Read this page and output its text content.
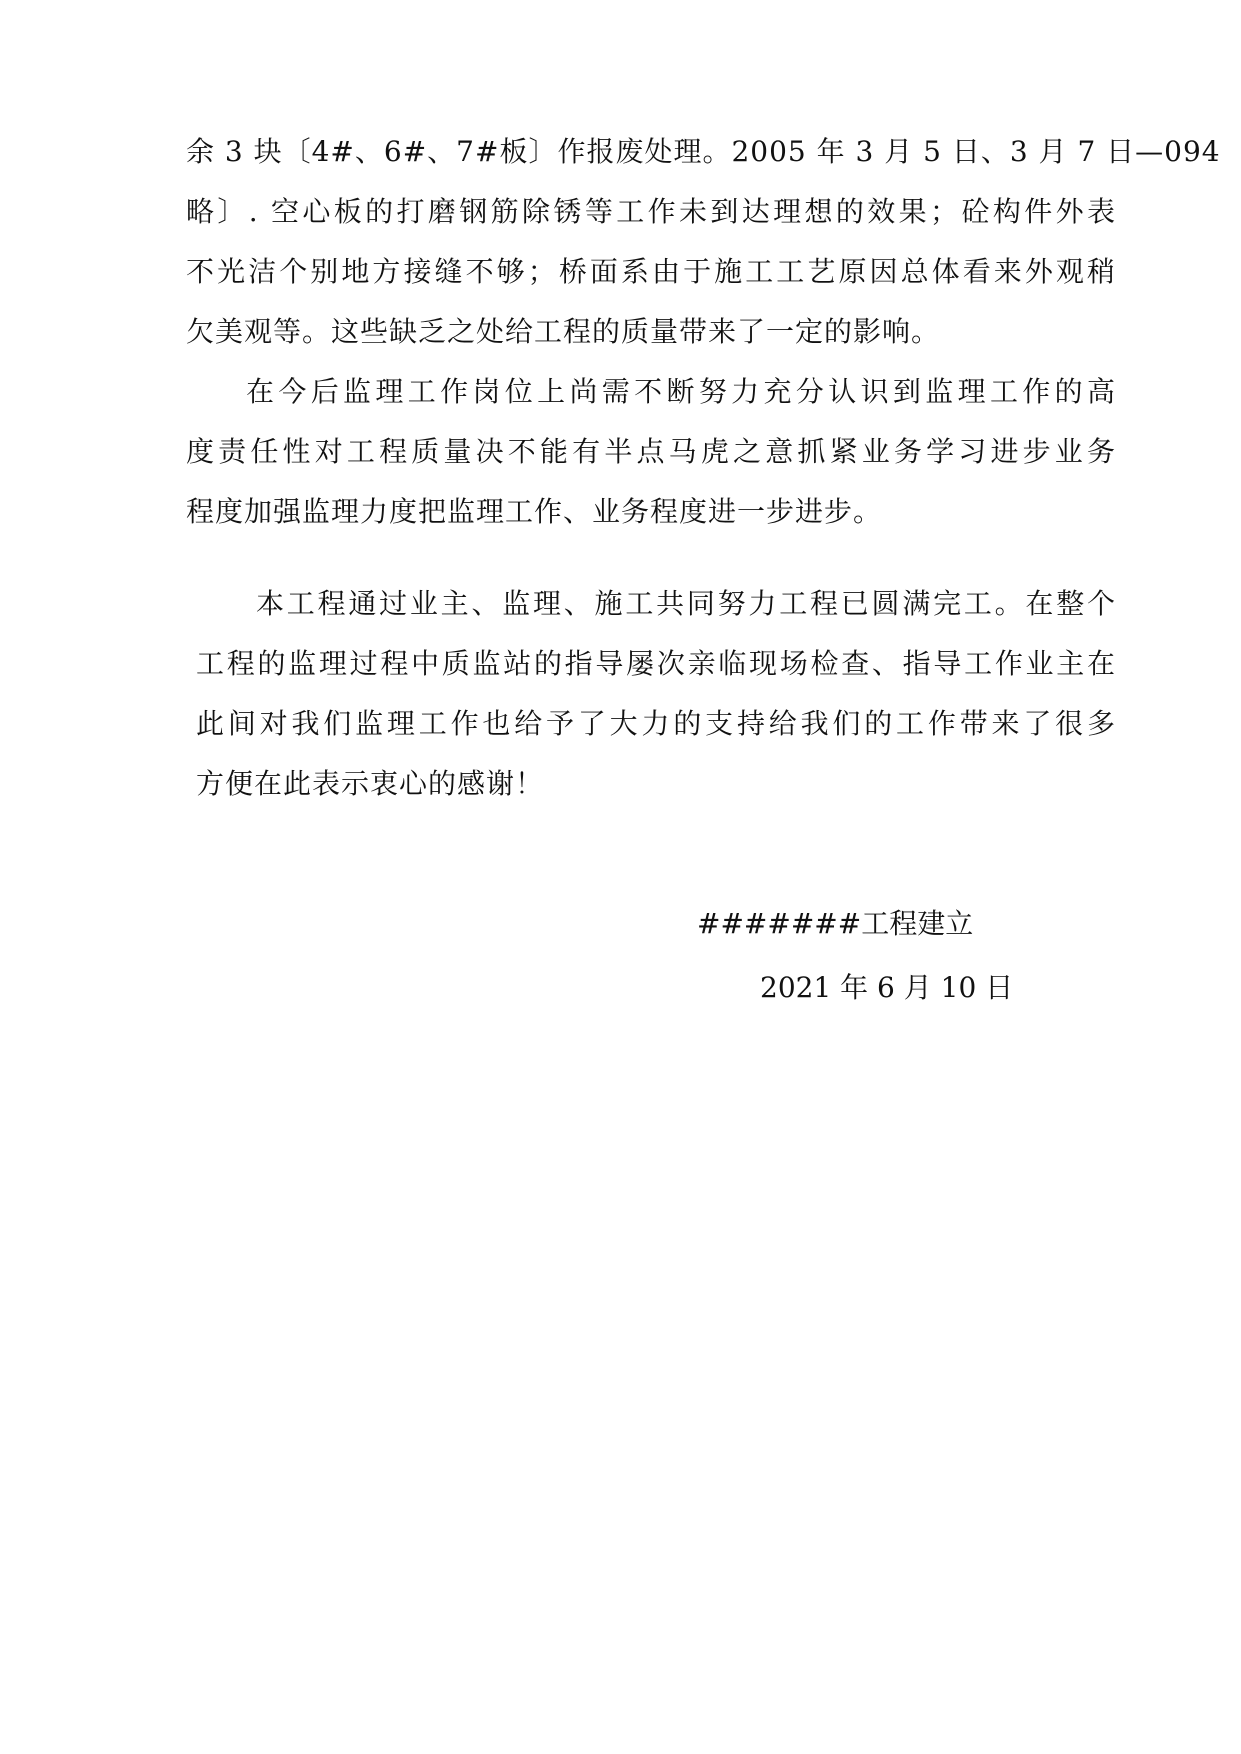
余 3 块〔4#、6#、7#板〕作报废处理。2005 年 3 月 5 日、3 月 7 日—094
略〕. 空心板的打磨钢筋除锈等工作未到达理想的效果；砼构件外表
不光洁个别地方接缝不够；桥面系由于施工工艺原因总体看来外观稍
欠美观等。这些缺乏之处给工程的质量带来了一定的影响。
在今后监理工作岗位上尚需不断努力充分认识到监理工作的高
度责任性对工程质量决不能有半点马虎之意抓紧业务学习进步业务
程度加强监理力度把监理工作、业务程度进一步进步。
本工程通过业主、监理、施工共同努力工程已圆满完工。在整个
工程的监理过程中质监站的指导屡次亲临现场检查、指导工作业主在
此间对我们监理工作也给予了大力的支持给我们的工作带来了很多
方便在此表示衷心的感谢！
#######工程建立
2021 年 6 月 10 日
